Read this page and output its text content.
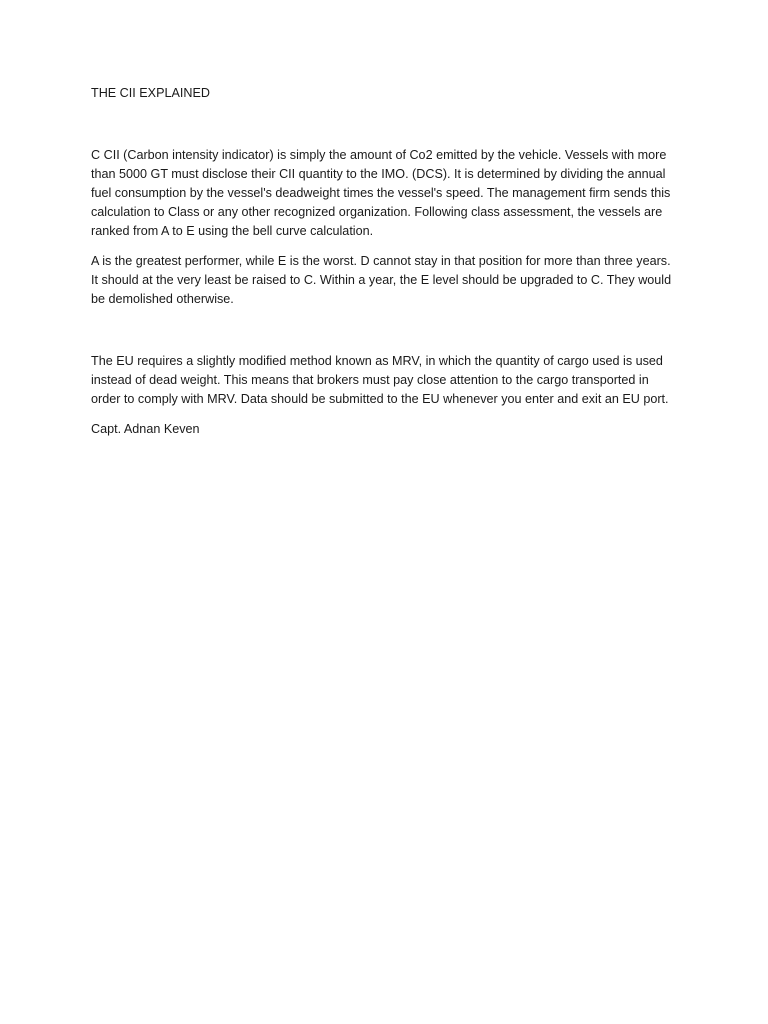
THE CII EXPLAINED

C CII (Carbon intensity indicator) is simply the amount of Co2 emitted by the vehicle. Vessels with more than 5000 GT must disclose their CII quantity to the IMO. (DCS). It is determined by dividing the annual fuel consumption by the vessel's deadweight times the vessel's speed. The management firm sends this calculation to Class or any other recognized organization. Following class assessment, the vessels are ranked from A to E using the bell curve calculation.

A is the greatest performer, while E is the worst. D cannot stay in that position for more than three years. It should at the very least be raised to C. Within a year, the E level should be upgraded to C. They would be demolished otherwise.

The EU requires a slightly modified method known as MRV, in which the quantity of cargo used is used instead of dead weight. This means that brokers must pay close attention to the cargo transported in order to comply with MRV. Data should be submitted to the EU whenever you enter and exit an EU port.

Capt. Adnan Keven
